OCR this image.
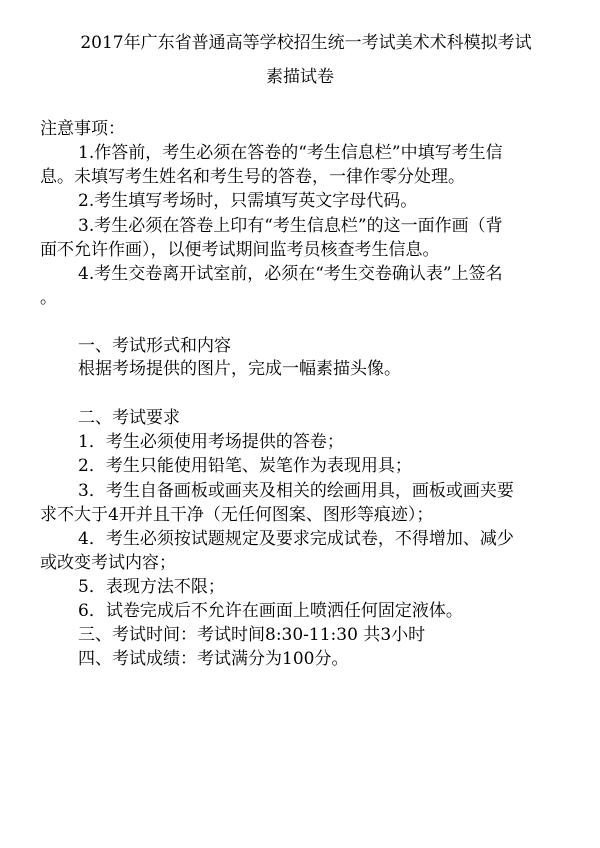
2017年广东省普通高等学校招生统一考试美术术科模拟考试
素描试卷
注意事项：
1.作答前，考生必须在答卷的“考生信息栏”中填写考生信
息。未填写考生姓名和考生号的答卷，一律作零分处理。
2.考生填写考场时，只需填写英文字母代码。
3.考生必须在答卷上印有“考生信息栏”的这一面作画（背
面不允许作画），以便考试期间监考员核查考生信息。
4.考生交卷离开试室前，必须在“考生交卷确认表”上签名
。
一、考试形式和内容
根据考场提供的图片，完成一幅素描头像。
二、考试要求
1．考生必须使用考场提供的答卷；
2．考生只能使用铅笔、炭笔作为表现用具；
3．考生自备画板或画夹及相关的绘画用具，画板或画夹要
求不大于4开并且干净（无任何图案、图形等痕迹）；
4．考生必须按试题规定及要求完成试卷，不得增加、减少
或改变考试内容；
5．表现方法不限；
6．试卷完成后不允许在画面上喷洒任何固定液体。
三、考试时间：考试时间8:30-11:30 共3小时
四、考试成绩：考试满分为100分。
